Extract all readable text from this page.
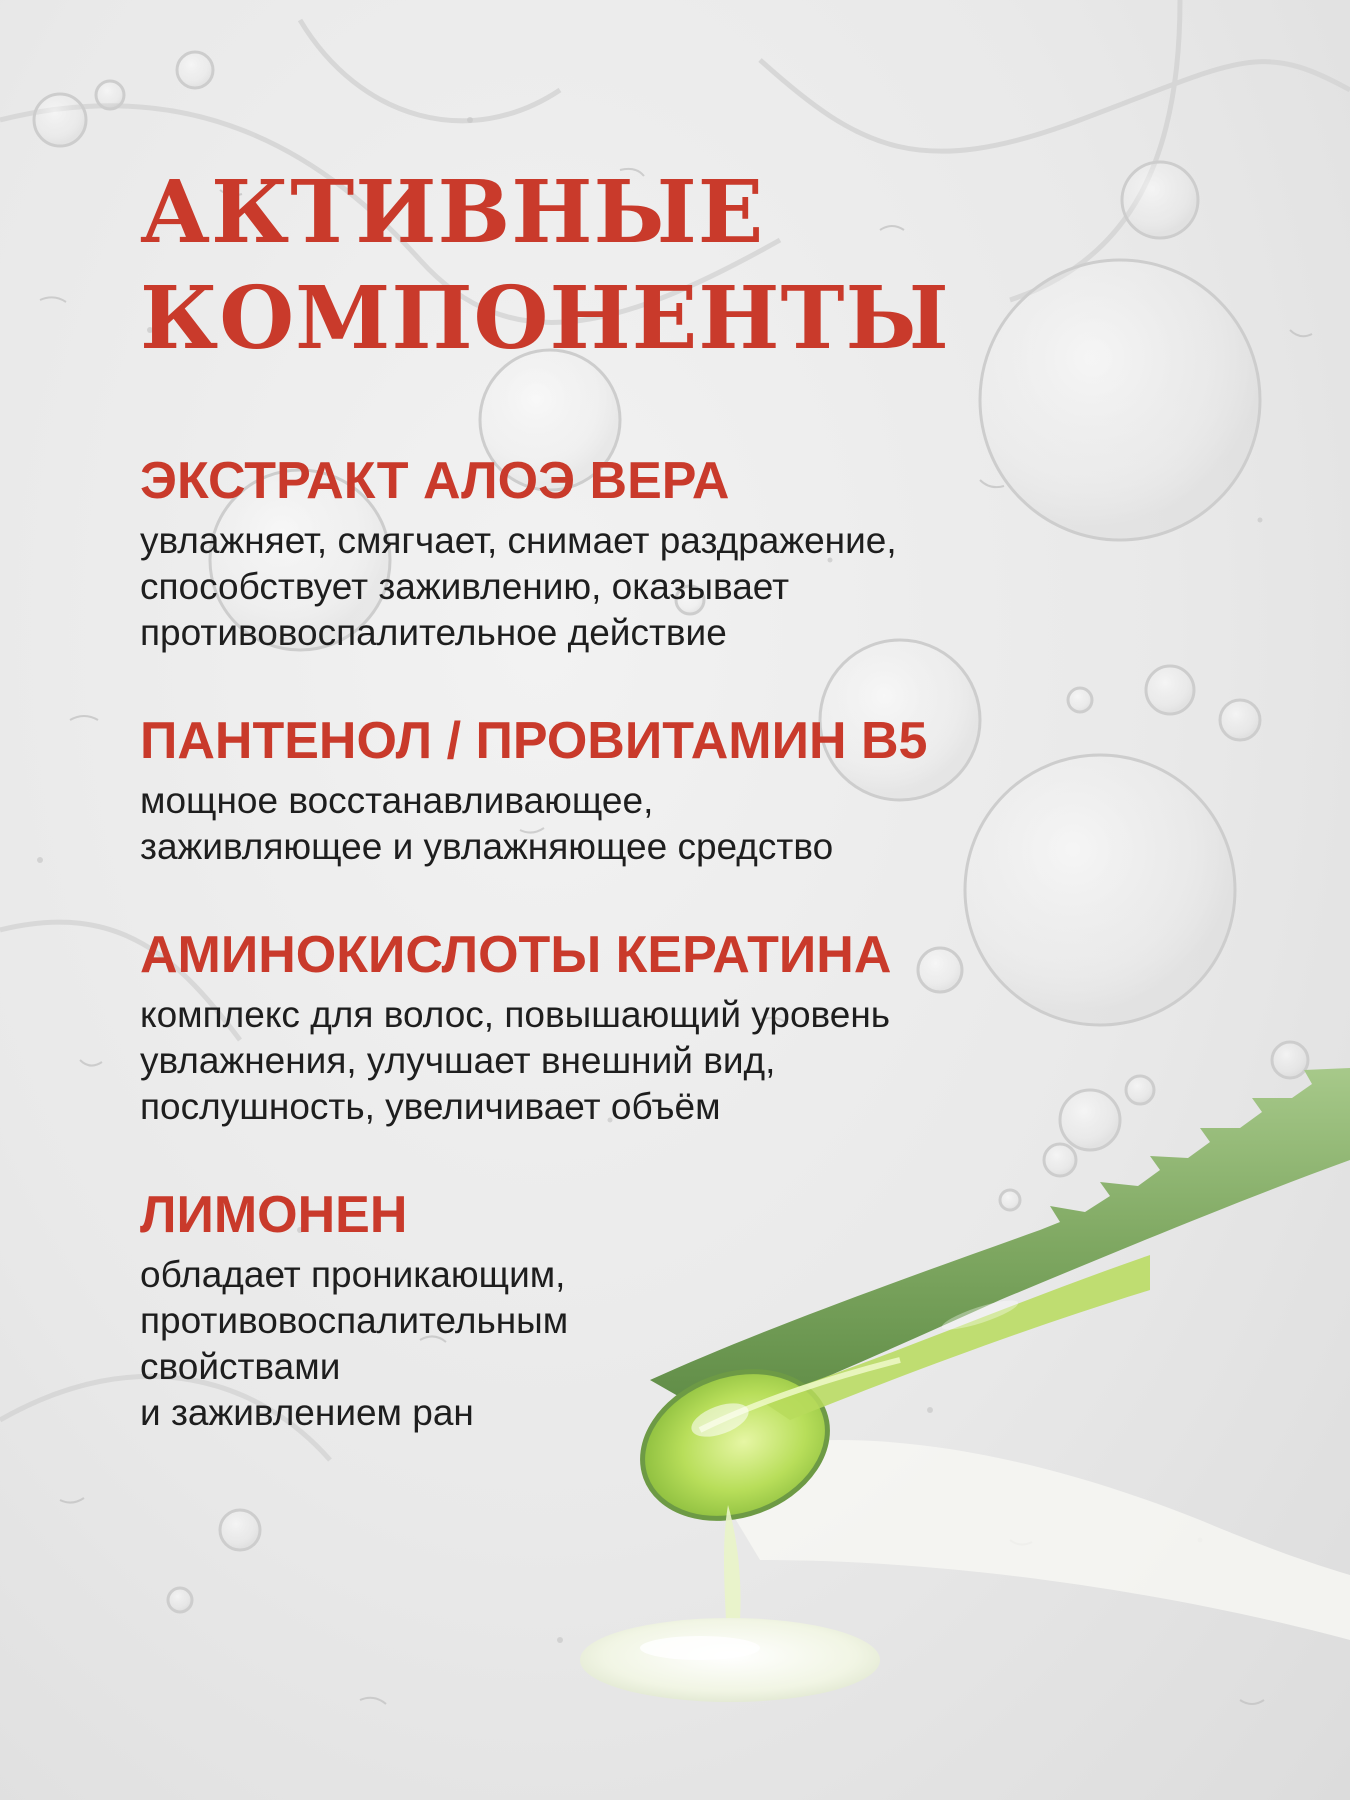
АКТИВНЫЕ
КОМПОНЕНТЫ
ЭКСТРАКТ АЛОЭ ВЕРА

увлажняет, смягчает, снимает раздражение,
способствует заживлению, оказывает
противовоспалительное действие

ПАНТЕНОЛ / ПРОВИТАМИН В5

мощное восстанавливающее,
заживляющее и увлажняющее средство

АМИНОКИСЛОТЫ КЕРАТИНА

комплекс для волос, повышающий уровень
увлажнения, улучшает внешний вид,
послушность, увеличивает объём

ЛИМОНЕН

обладает проникающим,
противовоспалительным
свойствами
и заживлением ран
